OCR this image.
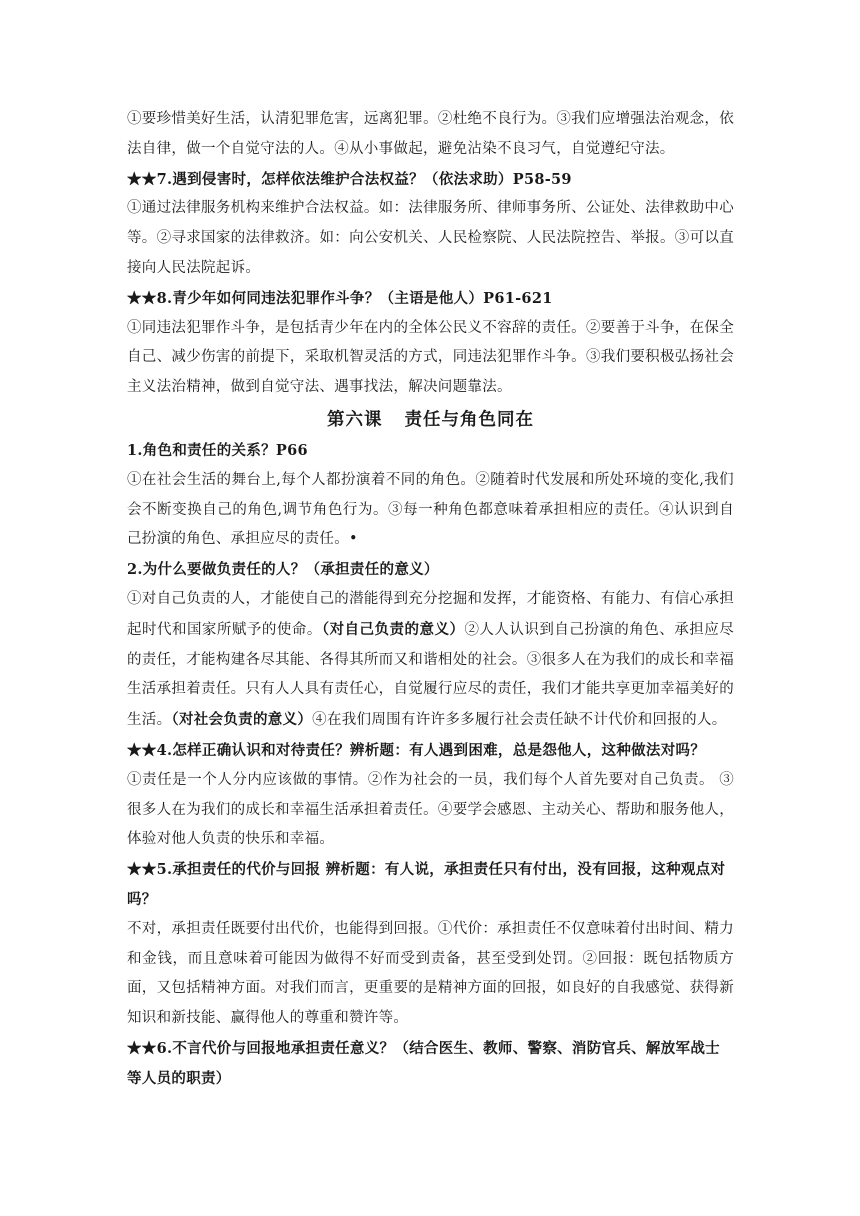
①要珍惜美好生活，认清犯罪危害，远离犯罪。②杜绝不良行为。③我们应增强法治观念，依法自律，做一个自觉守法的人。④从小事做起，避免沾染不良习气，自觉遵纪守法。

★★7.遇到侵害时，怎样依法维护合法权益？（依法求助）P58-59

①通过法律服务机构来维护合法权益。如：法律服务所、律师事务所、公证处、法律救助中心等。②寻求国家的法律救济。如：向公安机关、人民检察院、人民法院控告、举报。③可以直接向人民法院起诉。

★★8.青少年如何同违法犯罪作斗争？（主语是他人）P61-621

①同违法犯罪作斗争，是包括青少年在内的全体公民义不容辞的责任。②要善于斗争，在保全自己、减少伤害的前提下，采取机智灵活的方式，同违法犯罪作斗争。③我们要积极弘扬社会主义法治精神，做到自觉守法、遇事找法，解决问题靠法。

第六课 责任与角色同在

1.角色和责任的关系？P66

①在社会生活的舞台上,每个人都扮演着不同的角色。②随着时代发展和所处环境的变化,我们会不断变换自己的角色,调节角色行为。③每一种角色都意味着承担相应的责任。④认识到自己扮演的角色、承担应尽的责任。•

2.为什么要做负责任的人？（承担责任的意义）

①对自己负责的人，才能使自己的潜能得到充分挖掘和发挥，才能资格、有能力、有信心承担起时代和国家所赋予的使命。（对自己负责的意义）②人人认识到自己扮演的角色、承担应尽的责任，才能构建各尽其能、各得其所而又和谐相处的社会。③很多人在为我们的成长和幸福生活承担着责任。只有人人具有责任心，自觉履行应尽的责任，我们才能共享更加幸福美好的生活。（对社会负责的意义）④在我们周围有许许多多履行社会责任缺不计代价和回报的人。

★★4.怎样正确认识和对待责任？辨析题：有人遇到困难，总是怨他人，这种做法对吗？

①责任是一个人分内应该做的事情。②作为社会的一员，我们每个人首先要对自己负责。 ③很多人在为我们的成长和幸福生活承担着责任。④要学会感恩、主动关心、帮助和服务他人，体验对他人负责的快乐和幸福。

★★5.承担责任的代价与回报 辨析题：有人说，承担责任只有付出，没有回报，这种观点对吗？

不对，承担责任既要付出代价，也能得到回报。①代价：承担责任不仅意味着付出时间、精力和金钱，而且意味着可能因为做得不好而受到责备，甚至受到处罚。②回报：既包括物质方面，又包括精神方面。对我们而言，更重要的是精神方面的回报，如良好的自我感觉、获得新知识和新技能、赢得他人的尊重和赞许等。

★★6.不言代价与回报地承担责任意义？（结合医生、教师、警察、消防官兵、解放军战士等人员的职责）
